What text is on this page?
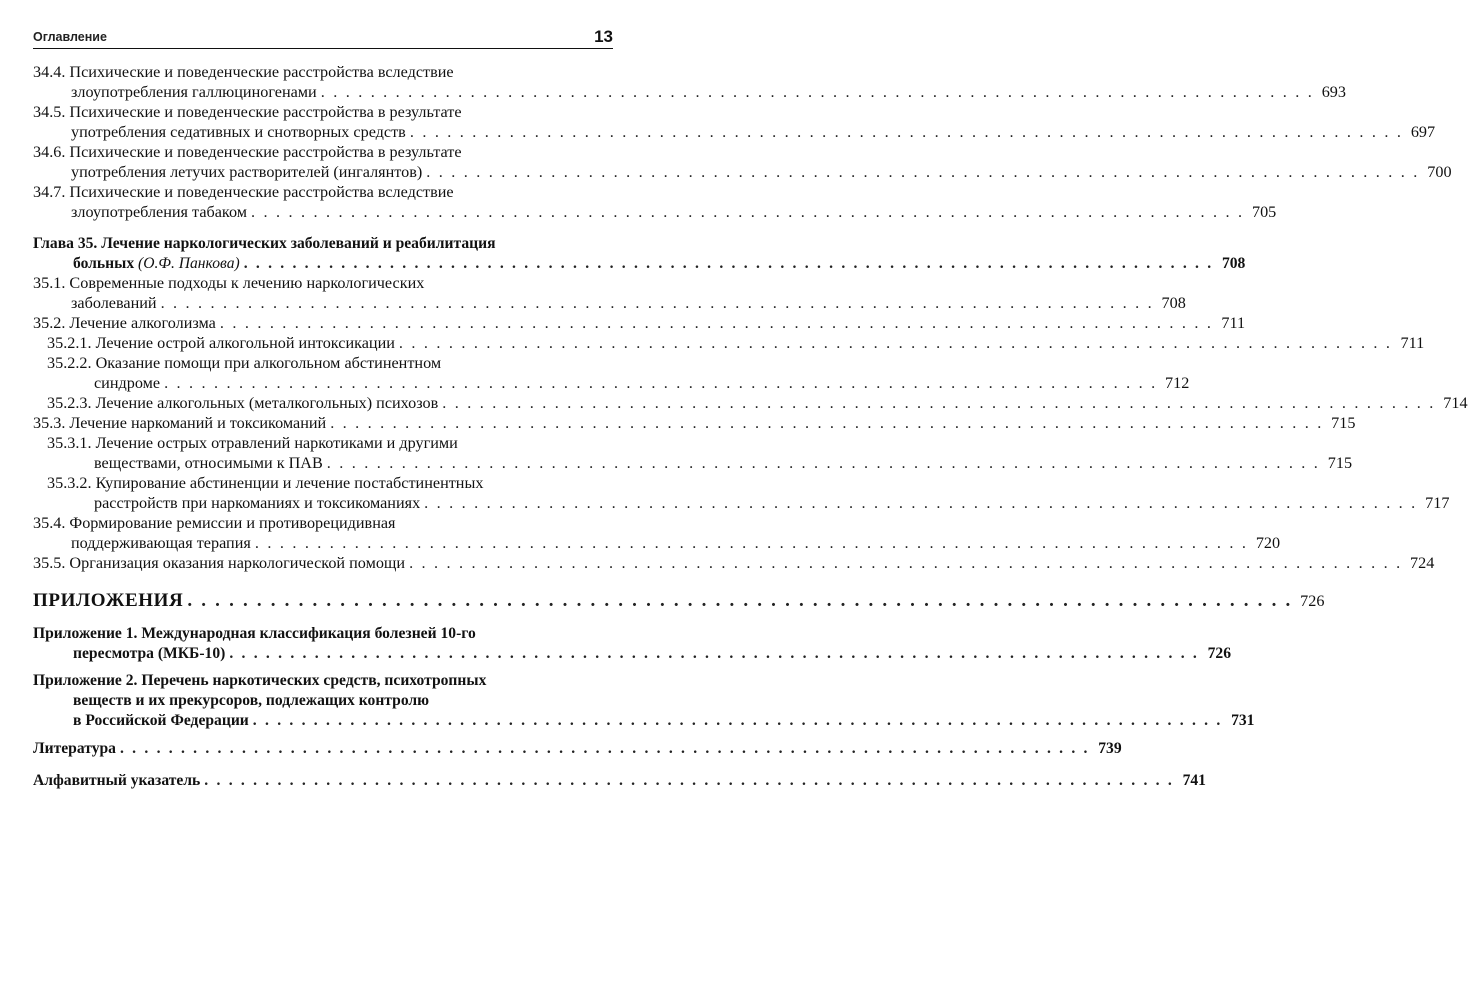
Оглавление	13
34.4. Психические и поведенческие расстройства вследствие
злоупотребления галлюциногенами . . . . . . . . . . . . . . . . . . . . . . . . . . . . . . . . . . . . . . . . . . . . . . . . . . . . . . . . . . . . . . . . . . . . . . . . . . . . . . . . 693
34.5. Психические и поведенческие расстройства в результате
употребления седативных и снотворных средств . . . . . . . . . . . . . . . . . . . . . . . . . . . . . . . . . . . . . . . . . . . . . . . . . . . . . . . . . . . . . . . . . . . . . . . . . . . . . . . . 697
34.6. Психические и поведенческие расстройства в результате
употребления летучих растворителей (ингалянтов) . . . . . . . . . . . . . . . . . . . . . . . . . . . . . . . . . . . . . . . . . . . . . . . . . . . . . . . . . . . . . . . . . . . . . . . . . . . . . . . . 700
34.7. Психические и поведенческие расстройства вследствие
злоупотребления табаком . . . . . . . . . . . . . . . . . . . . . . . . . . . . . . . . . . . . . . . . . . . . . . . . . . . . . . . . . . . . . . . . . . . . . . . . . . . . . . . . 705
Глава 35. Лечение наркологических заболеваний и реабилитация
больных (О.Ф. Панкова) . . . . . . . . . . . . . . . . . . . . . . . . . . . . . . . . . . . . . . . . . . . . . . . . . . . . . . . . . . . . . . . . . . . . . . . . . . . . . . . . 708
35.1. Современные подходы к лечению наркологических
заболеваний . . . . . . . . . . . . . . . . . . . . . . . . . . . . . . . . . . . . . . . . . . . . . . . . . . . . . . . . . . . . . . . . . . . . . . . . . . . . . . . . 708
35.2. Лечение алкоголизма . . . . . . . . . . . . . . . . . . . . . . . . . . . . . . . . . . . . . . . . . . . . . . . . . . . . . . . . . . . . . . . . . . . . . . . . . . . . . . . . 711
35.2.1. Лечение острой алкогольной интоксикации . . . . . . . . . . . . . . . . . . . . . . . . . . . . . . . . . . . . . . . . . . . . . . . . . . . . . . . . . . . . . . . . . . . . . . . . . . . . . . . . 711
35.2.2. Оказание помощи при алкогольном абстинентном
синдроме . . . . . . . . . . . . . . . . . . . . . . . . . . . . . . . . . . . . . . . . . . . . . . . . . . . . . . . . . . . . . . . . . . . . . . . . . . . . . . . . 712
35.2.3. Лечение алкогольных (металкогольных) психозов . . . . . . . . . . . . . . . . . . . . . . . . . . . . . . . . . . . . . . . . . . . . . . . . . . . . . . . . . . . . . . . . . . . . . . . . . . . . . . . . 714
35.3. Лечение наркоманий и токсикоманий . . . . . . . . . . . . . . . . . . . . . . . . . . . . . . . . . . . . . . . . . . . . . . . . . . . . . . . . . . . . . . . . . . . . . . . . . . . . . . . . 715
35.3.1. Лечение острых отравлений наркотиками и другими
веществами, относимыми к ПАВ . . . . . . . . . . . . . . . . . . . . . . . . . . . . . . . . . . . . . . . . . . . . . . . . . . . . . . . . . . . . . . . . . . . . . . . . . . . . . . . . 715
35.3.2. Купирование абстиненции и лечение постабстинентных
расстройств при наркоманиях и токсикоманиях . . . . . . . . . . . . . . . . . . . . . . . . . . . . . . . . . . . . . . . . . . . . . . . . . . . . . . . . . . . . . . . . . . . . . . . . . . . . . . . . 717
35.4. Формирование ремиссии и противорецидивная
поддерживающая терапия . . . . . . . . . . . . . . . . . . . . . . . . . . . . . . . . . . . . . . . . . . . . . . . . . . . . . . . . . . . . . . . . . . . . . . . . . . . . . . . . 720
35.5. Организация оказания наркологической помощи . . . . . . . . . . . . . . . . . . . . . . . . . . . . . . . . . . . . . . . . . . . . . . . . . . . . . . . . . . . . . . . . . . . . . . . . . . . . . . . . 724
ПРИЛОЖЕНИЯ . . . . . . . . . . . . . . . . . . . . . . . . . . . . . . . . . . . . . . . . . . . . . . . . . . . . . . . . . . . . . . . . . . . . . . . . . . . . . . . . 726
Приложение 1. Международная классификация болезней 10-го
пересмотра (МКБ-10) . . . . . . . . . . . . . . . . . . . . . . . . . . . . . . . . . . . . . . . . . . . . . . . . . . . . . . . . . . . . . . . . . . . . . . . . . . . . . . . . 726
Приложение 2. Перечень наркотических средств, психотропных
веществ и их прекурсоров, подлежащих контролю
в Российской Федерации . . . . . . . . . . . . . . . . . . . . . . . . . . . . . . . . . . . . . . . . . . . . . . . . . . . . . . . . . . . . . . . . . . . . . . . . . . . . . . . . 731
Литература . . . . . . . . . . . . . . . . . . . . . . . . . . . . . . . . . . . . . . . . . . . . . . . . . . . . . . . . . . . . . . . . . . . . . . . . . . . . . . . . 739
Алфавитный указатель . . . . . . . . . . . . . . . . . . . . . . . . . . . . . . . . . . . . . . . . . . . . . . . . . . . . . . . . . . . . . . . . . . . . . . . . . . . . . . . . 741
